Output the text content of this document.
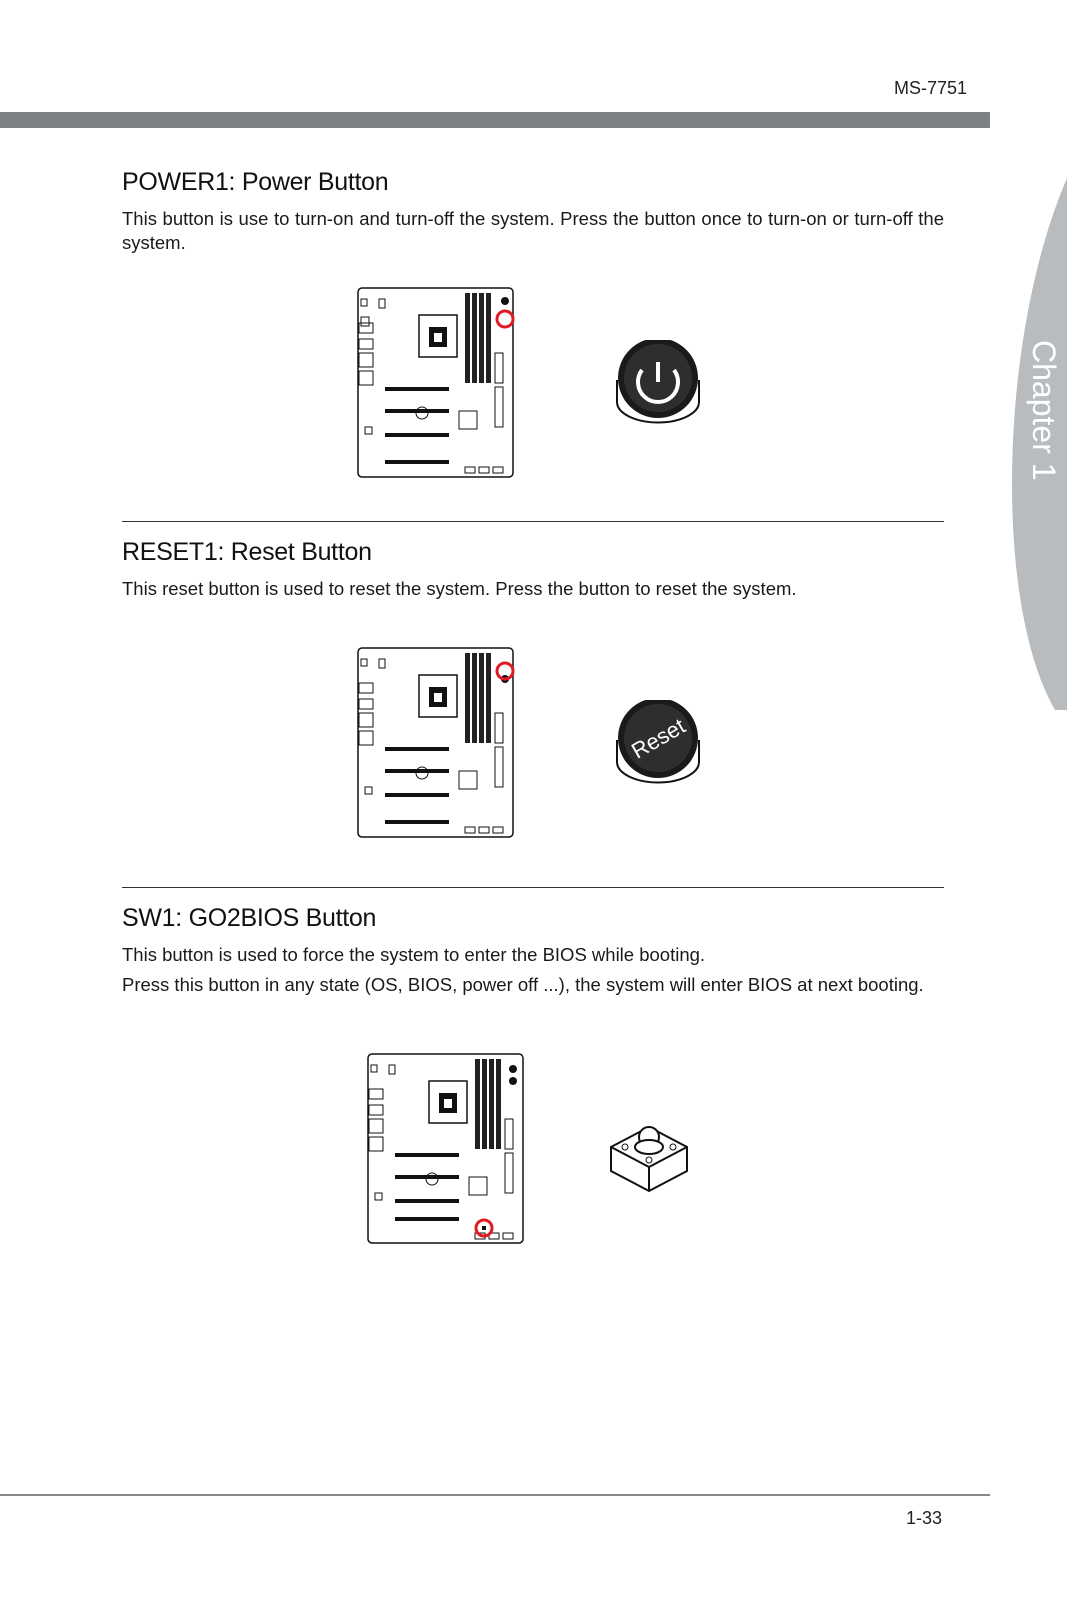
MS-7751
Chapter 1
POWER1: Power Button

This button is use to turn-on and turn-off the system. Press the button once to turn-on or turn-off the system.

RESET1: Reset Button

This reset button is used to reset the system. Press the button to reset the system.

Reset
SW1: GO2BIOS Button

This button is used to force the system to enter the BIOS while booting.

Press this button in any state (OS, BIOS, power off ...), the system will enter BIOS at next booting.

1-33
